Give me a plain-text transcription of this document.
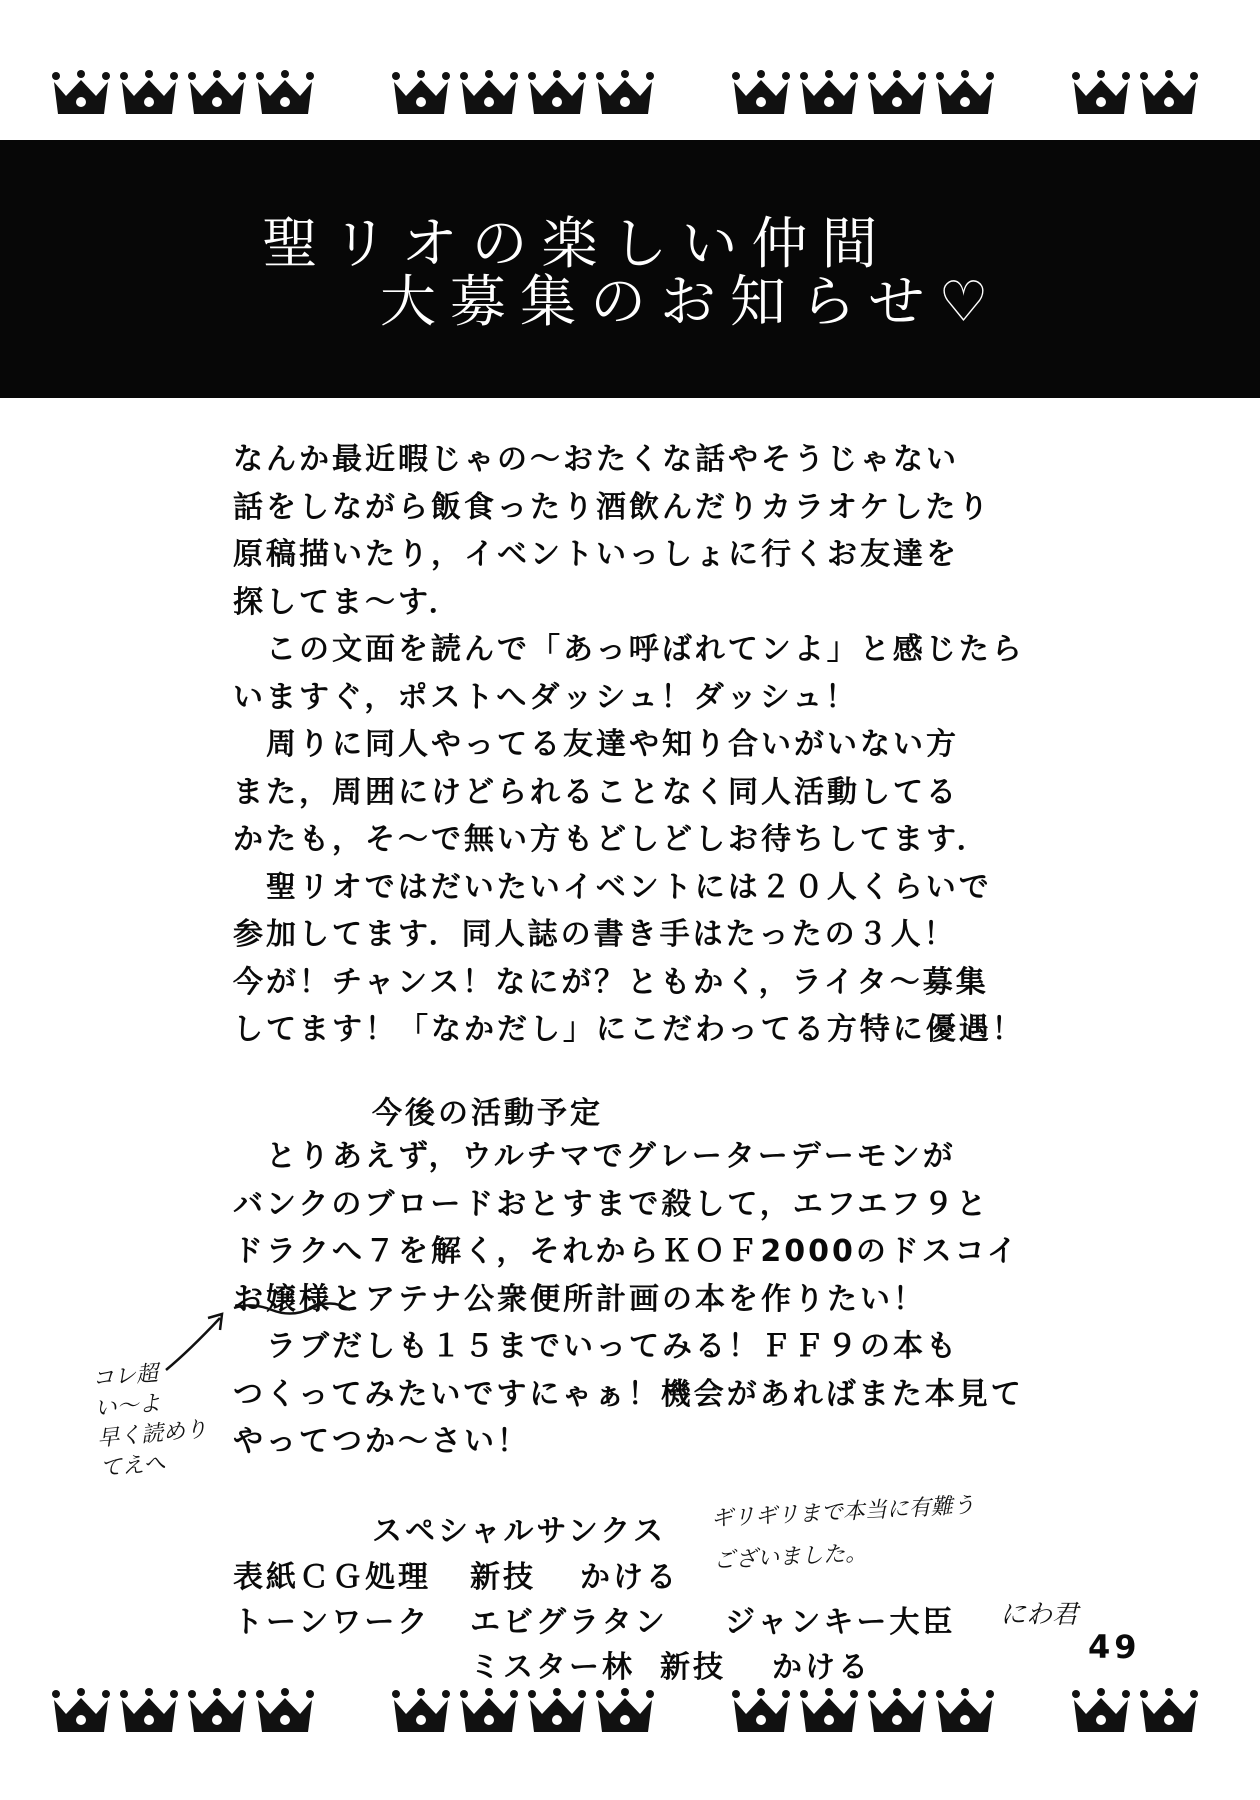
聖リオの楽しい仲間
大募集のお知らせ♡

なんか最近暇じゃの～おたくな話やそうじゃない

話をしながら飯食ったり酒飲んだりカラオケしたり

原稿描いたり，イベントいっしょに行くお友達を

探してま～す．

　この文面を読んで「あっ呼ばれてンよ」と感じたら

いますぐ，ポストへダッシュ！ダッシュ！

　周りに同人やってる友達や知り合いがいない方

また，周囲にけどられることなく同人活動してる

かたも，そ～で無い方もどしどしお待ちしてます．

　聖リオではだいたいイベントには２０人くらいで

参加してます．同人誌の書き手はたったの３人！

今が！チャンス！なにが？ともかく，ライタ～募集

してます！「なかだし」にこだわってる方特に優遇！

今後の活動予定

　とりあえず，ウルチマでグレーターデーモンが

バンクのブロードおとすまで殺して，エフエフ９と

ドラクへ７を解く，それからＫＯＦ2000のドスコイ

お嬢様とアテナ公衆便所計画の本を作りたい！

　ラブだしも１５までいってみる！ＦＦ９の本も

つくってみたいですにゃぁ！機会があればまた本見て

やってつか～さい！

コレ超
い～よ
早く読めり
てえへ
スペシャルサンクス ギリギリまで本当に有難う
ございました。
表紙ＣＧ処理 新技 かける
トーンワーク エビグラタン ジャンキー大臣 にわ君
ミスター林 新技 かける
49
